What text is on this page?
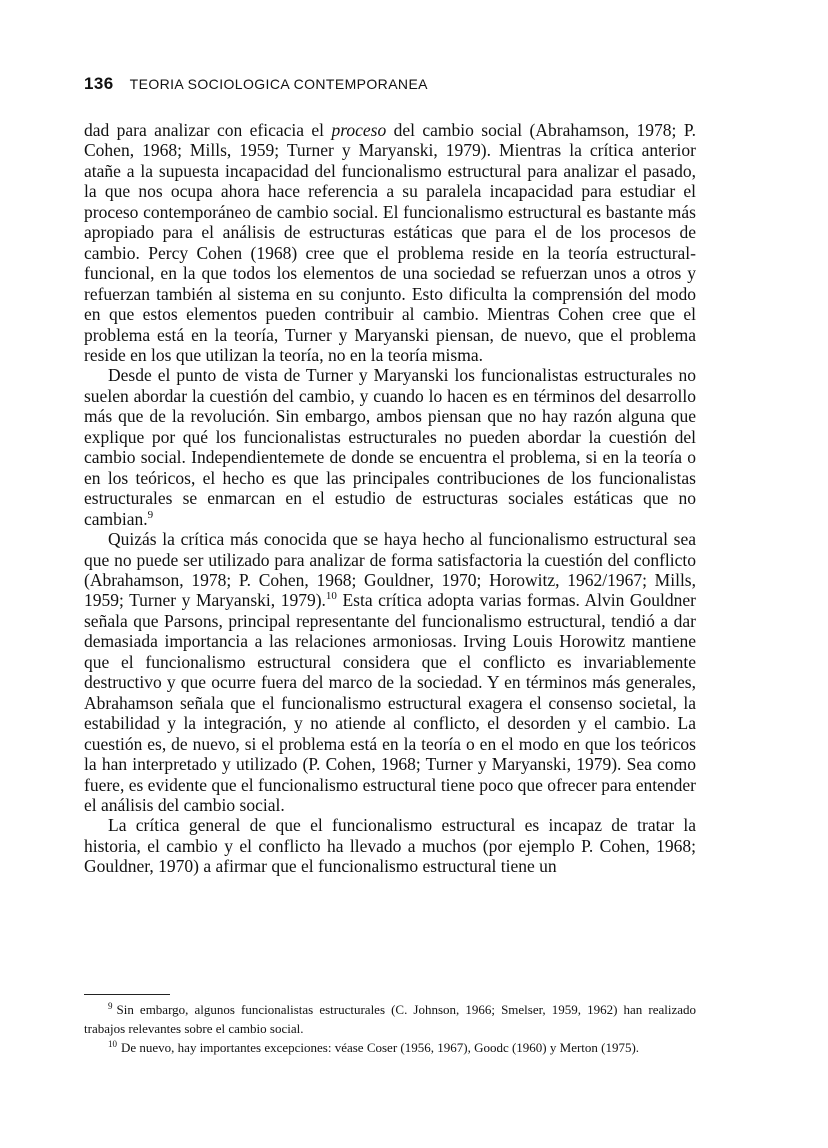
136 TEORIA SOCIOLOGICA CONTEMPORANEA

dad para analizar con eficacia el proceso del cambio social (Abrahamson, 1978; P. Cohen, 1968; Mills, 1959; Turner y Maryanski, 1979). Mientras la crítica anterior atañe a la supuesta incapacidad del funcionalismo estructural para analizar el pasado, la que nos ocupa ahora hace referencia a su paralela incapacidad para estudiar el proceso contemporáneo de cambio social. El funcionalismo estructural es bastante más apropiado para el análisis de estructuras estáticas que para el de los procesos de cambio. Percy Cohen (1968) cree que el problema reside en la teoría estructural-funcional, en la que todos los elementos de una sociedad se refuerzan unos a otros y refuerzan también al sistema en su conjunto. Esto dificulta la comprensión del modo en que estos elementos pueden contribuir al cambio. Mientras Cohen cree que el problema está en la teoría, Turner y Maryanski piensan, de nuevo, que el problema reside en los que utilizan la teoría, no en la teoría misma.

Desde el punto de vista de Turner y Maryanski los funcionalistas estructurales no suelen abordar la cuestión del cambio, y cuando lo hacen es en términos del desarrollo más que de la revolución. Sin embargo, ambos piensan que no hay razón alguna que explique por qué los funcionalistas estructurales no pueden abordar la cuestión del cambio social. Independientemete de donde se encuentra el problema, si en la teoría o en los teóricos, el hecho es que las principales contribuciones de los funcionalistas estructurales se enmarcan en el estudio de estructuras sociales estáticas que no cambian.$^9$

Quizás la crítica más conocida que se haya hecho al funcionalismo estructural sea que no puede ser utilizado para analizar de forma satisfactoria la cuestión del conflicto (Abrahamson, 1978; P. Cohen, 1968; Gouldner, 1970; Horowitz, 1962/1967; Mills, 1959; Turner y Maryanski, 1979).$^{10}$ Esta crítica adopta varias formas. Alvin Gouldner señala que Parsons, principal representante del funcionalismo estructural, tendió a dar demasiada importancia a las relaciones armoniosas. Irving Louis Horowitz mantiene que el funcionalismo estructural considera que el conflicto es invariablemente destructivo y que ocurre fuera del marco de la sociedad. Y en términos más generales, Abrahamson señala que el funcionalismo estructural exagera el consenso societal, la estabilidad y la integración, y no atiende al conflicto, el desorden y el cambio. La cuestión es, de nuevo, si el problema está en la teoría o en el modo en que los teóricos la han interpretado y utilizado (P. Cohen, 1968; Turner y Maryanski, 1979). Sea como fuere, es evidente que el funcionalismo estructural tiene poco que ofrecer para entender el análisis del cambio social.

La crítica general de que el funcionalismo estructural es incapaz de tratar la historia, el cambio y el conflicto ha llevado a muchos (por ejemplo P. Cohen, 1968; Gouldner, 1970) a afirmar que el funcionalismo estructural tiene un

$^9$ Sin embargo, algunos funcionalistas estructurales (C. Johnson, 1966; Smelser, 1959, 1962) han realizado trabajos relevantes sobre el cambio social.

$^{10}$ De nuevo, hay importantes excepciones: véase Coser (1956, 1967), Goodc (1960) y Merton (1975).
